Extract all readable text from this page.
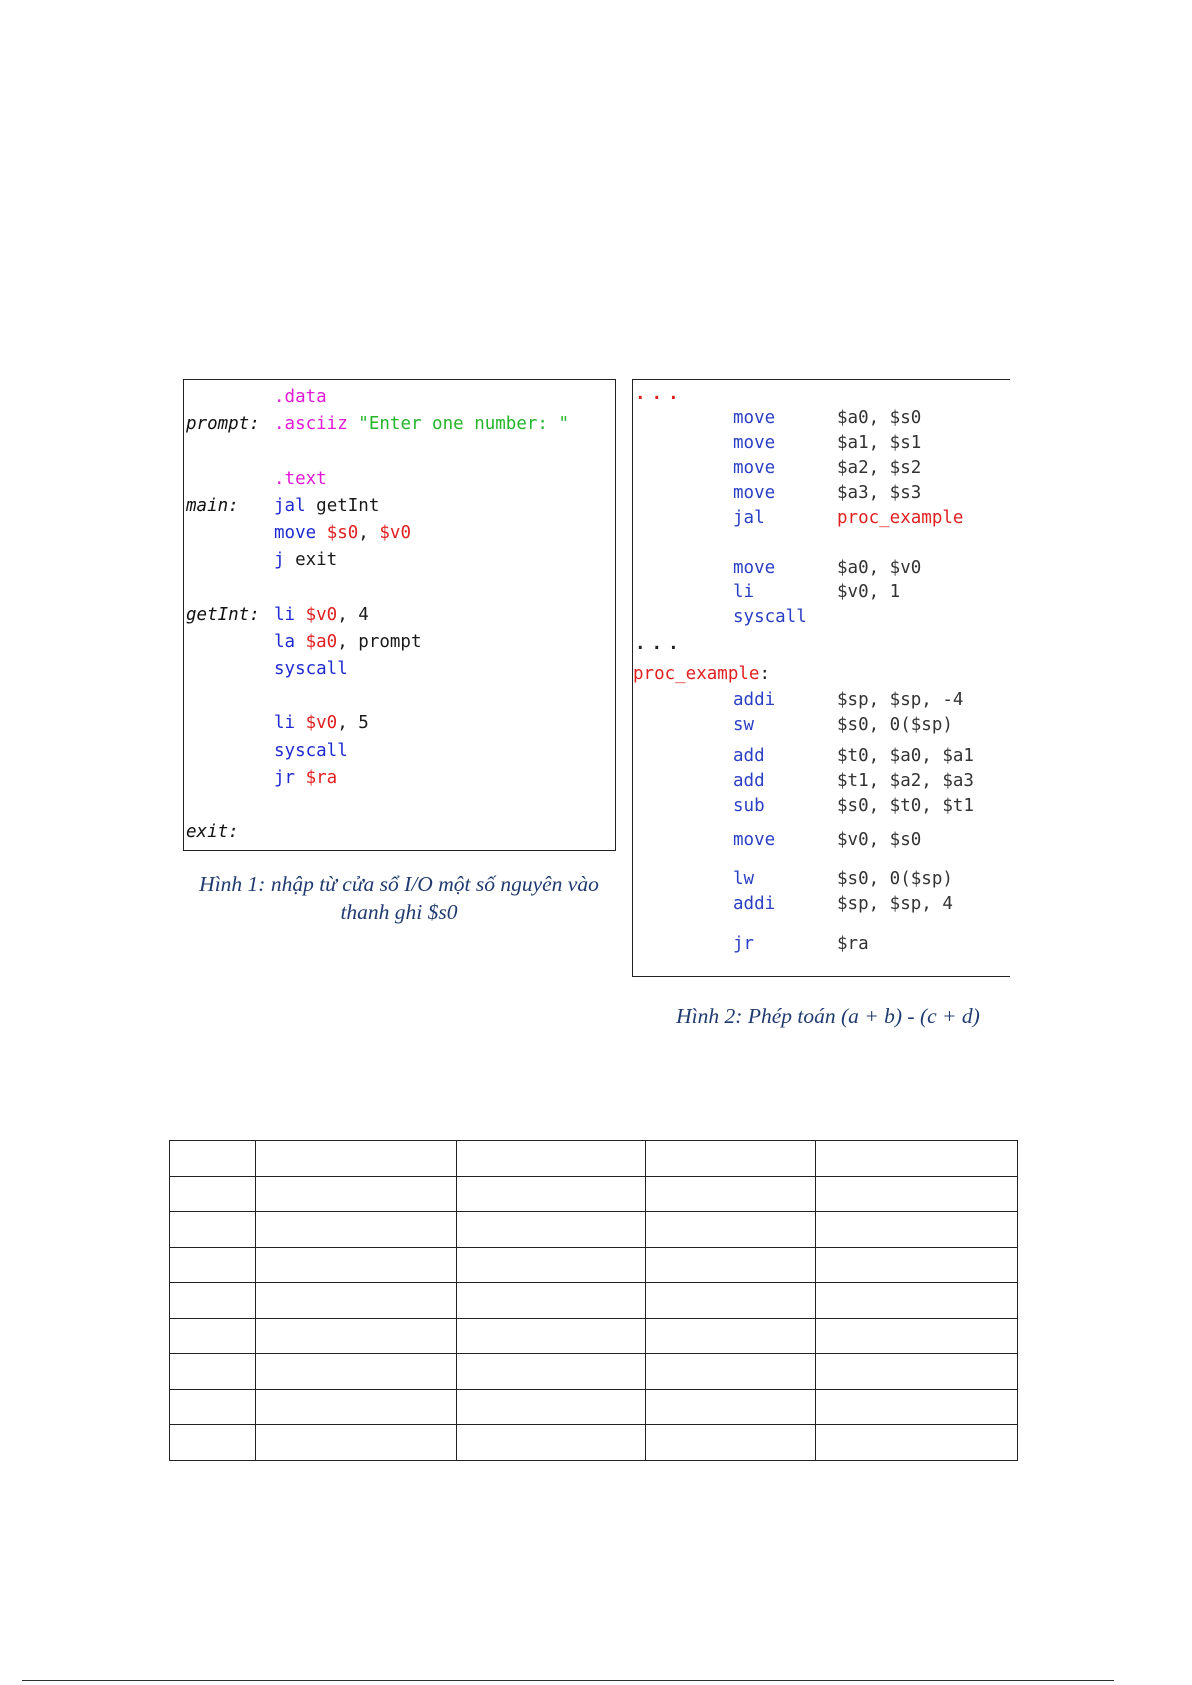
.data
prompt: .asciiz "Enter one number: "
.text
main: jal getInt
move $s0, $v0
j exit
getInt: li $v0, 4
la $a0, prompt
syscall
li $v0, 5
syscall
jr $ra
exit:
Hình 1: nhập từ cửa sổ I/O một số nguyên vào
thanh ghi $s0
...
move	$a0, $s0
move	$a1, $s1
move	$a2, $s2
move	$a3, $s3
jal	proc_example
move	$a0, $v0
li	$v0, 1
syscall
...
proc_example:
addi	$sp, $sp, -4
sw	$s0, 0($sp)
add	$t0, $a0, $a1
add	$t1, $a2, $a3
sub	$s0, $t0, $t1
move	$v0, $s0
lw	$s0, 0($sp)
addi	$sp, $sp, 4
jr	$ra
Hình 2: Phép toán (a + b) - (c + d)
